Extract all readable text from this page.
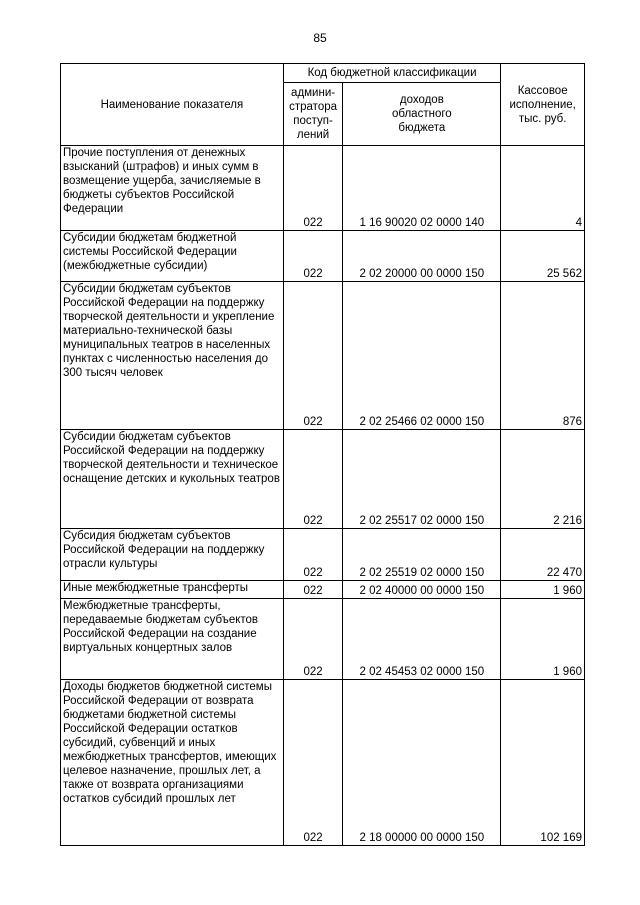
85
Наименование показателя	Код бюджетной классификации		Кассовое
исполнение,
тыс. руб.
	админи-
стратора
поступ-
лений	доходов
областного
бюджета	
Прочие поступления от денежных взысканий (штрафов) и иных сумм в возмещение ущерба, зачисляемые в бюджеты субъектов Российской Федерации	022	1 16 90020 02 0000 140	4
Субсидии бюджетам бюджетной системы Российской Федерации (межбюджетные субсидии)	022	2 02 20000 00 0000 150	25 562
Субсидии бюджетам субъектов Российской Федерации на поддержку творческой деятельности и укрепление материально-технической базы муниципальных театров в населенных пунктах с численностью населения до 300 тысяч человек	022	2 02 25466 02 0000 150	876
Субсидии бюджетам субъектов Российской Федерации на поддержку творческой деятельности и техническое оснащение детских и кукольных театров	022	2 02 25517 02 0000 150	2 216
Субсидия бюджетам субъектов Российской Федерации на поддержку отрасли культуры	022	2 02 25519 02 0000 150	22 470
Иные межбюджетные трансферты	022	2 02 40000 00 0000 150	1 960
Межбюджетные трансферты, передаваемые бюджетам субъектов Российской Федерации на создание виртуальных концертных залов	022	2 02 45453 02 0000 150	1 960
Доходы бюджетов бюджетной системы Российской Федерации от возврата бюджетами бюджетной системы Российской Федерации остатков субсидий, субвенций и иных межбюджетных трансфертов, имеющих целевое назначение, прошлых лет, а также от возврата организациями остатков субсидий прошлых лет	022	2 18 00000 00 0000 150	102 169
